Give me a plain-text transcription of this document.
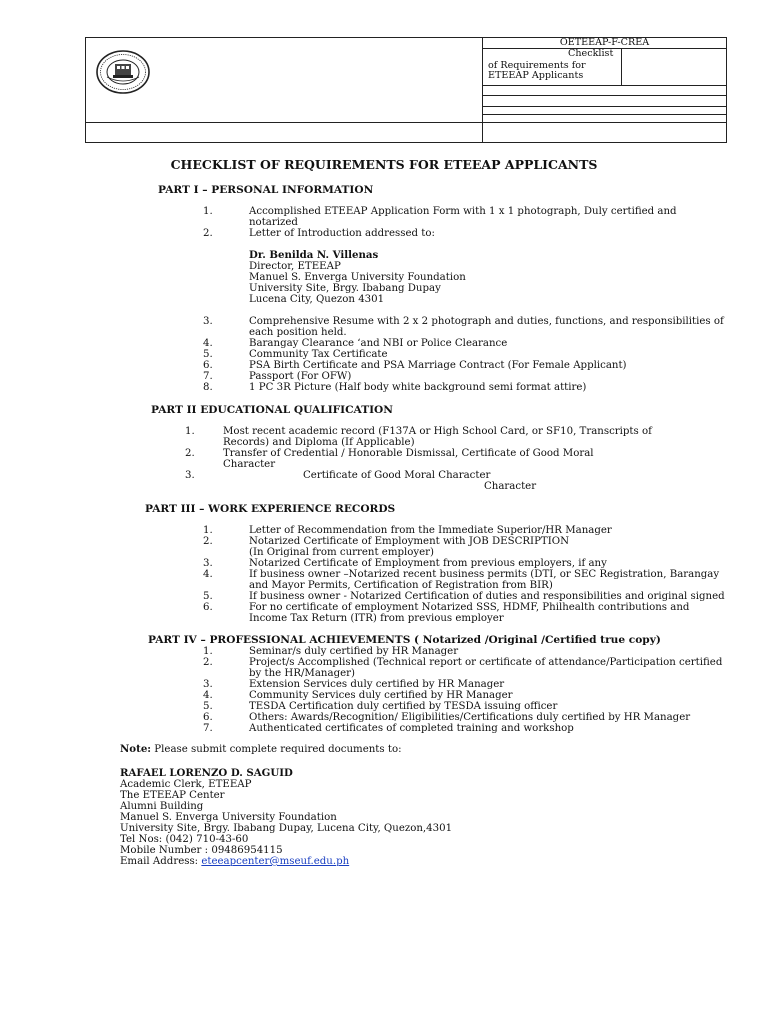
OETEEAP-F-CREA
Checklist
of Requirements for
ETEEAP Applicants
CHECKLIST OF REQUIREMENTS FOR ETEEAP APPLICANTS
PART I – PERSONAL INFORMATION
1.	Accomplished ETEEAP Application Form with 1 x 1 photograph, Duly certified and
notarized
2.	Letter of Introduction addressed to:
Dr. Benilda N. Villenas
Director, ETEEAP
Manuel S. Enverga University Foundation
University Site, Brgy. Ibabang Dupay
Lucena City, Quezon 4301
3.	Comprehensive Resume with 2 x 2 photograph and duties, functions, and responsibilities of
each position held.
4.	Barangay Clearance ‘and NBI or Police Clearance
5.	Community Tax Certificate
6.	PSA Birth Certificate and PSA Marriage Contract (For Female Applicant)
7.	Passport (For OFW)
8.	1 PC 3R Picture (Half body white background semi format attire)
PART II EDUCATIONAL QUALIFICATION
1.	Most recent academic record (F137A or High School Card, or SF10, Transcripts of
Records) and Diploma (If Applicable)
2.	Transfer of Credential / Honorable Dismissal, Certificate of Good Moral
Character
3.	Certificate of Good Moral Character
Character
PART III – WORK EXPERIENCE RECORDS
1.	Letter of Recommendation from the Immediate Superior/HR Manager
2.	Notarized Certificate of Employment with JOB DESCRIPTION
(In Original from current employer)
3.	Notarized Certificate of Employment from previous employers, if any
4.	If business owner –Notarized recent business permits (DTI, or SEC Registration, Barangay
and Mayor Permits, Certification of Registration from BIR)
5.	If business owner - Notarized Certification of duties and responsibilities and original signed
6.	For no certificate of employment Notarized SSS, HDMF, Philhealth contributions and
Income Tax Return (ITR) from previous employer
PART IV – PROFESSIONAL ACHIEVEMENTS ( Notarized /Original /Certified true copy)
1.	Seminar/s duly certified by HR Manager
2.	Project/s Accomplished (Technical report or certificate of attendance/Participation certified
by the HR/Manager)
3.	Extension Services duly certified by HR Manager
4.	Community Services duly certified by HR Manager
5.	TESDA Certification duly certified by TESDA issuing officer
6.	Others: Awards/Recognition/ Eligibilities/Certifications duly certified by HR Manager
7.	Authenticated certificates of completed training and workshop
Note: Please submit complete required documents to:
RAFAEL LORENZO D. SAGUID
Academic Clerk, ETEEAP
The ETEEAP Center
Alumni Building
Manuel S. Enverga University Foundation
University Site, Brgy. Ibabang Dupay, Lucena City, Quezon,4301
Tel Nos: (042) 710-43-60
Mobile Number : 09486954115
Email Address: eteeapcenter@mseuf.edu.ph
